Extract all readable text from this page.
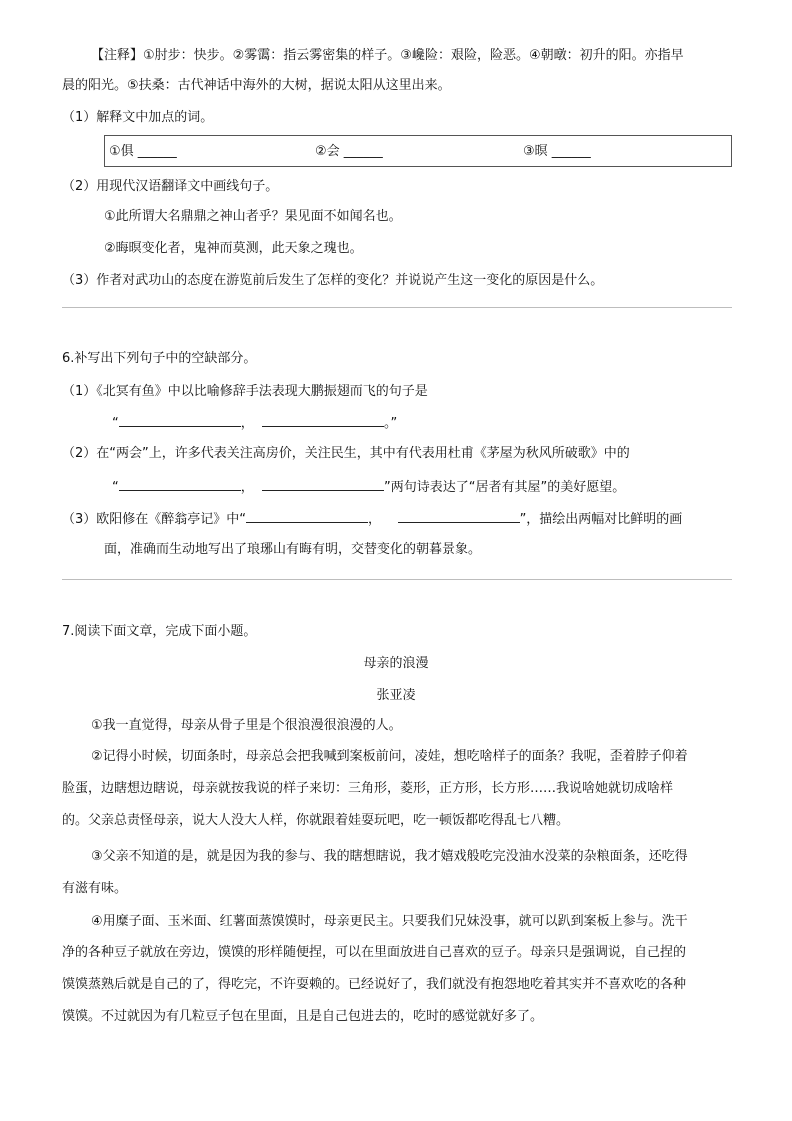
【注释】①肘步：快步。②雾霭：指云雾密集的样子。③巉险：艰险，险恶。④朝暾：初升的阳。亦指早
晨的阳光。⑤扶桑：古代神话中海外的大树，据说太阳从这里出来。
（1）解释文中加点的词。
①俱 ______	②会 ______	③暝 ______
（2）用现代汉语翻译文中画线句子。
①此所谓大名鼎鼎之神山者乎？果见面不如闻名也。
②晦暝变化者，鬼神而莫测，此天象之瑰也。
（3）作者对武功山的态度在游览前后发生了怎样的变化？并说说产生这一变化的原因是什么。
6.补写出下列句子中的空缺部分。
（1）《北冥有鱼》中以比喻修辞手法表现大鹏振翅而飞的句子是
“	，	。”
（2）在“两会”上，许多代表关注高房价，关注民生，其中有代表用杜甫《茅屋为秋风所破歌》中的
“	，	”两句诗表达了“居者有其屋”的美好愿望。
（3）欧阳修在《醉翁亭记》中“	，	”，描绘出两幅对比鲜明的画
面，准确而生动地写出了琅琊山有晦有明，交替变化的朝暮景象。
7.阅读下面文章，完成下面小题。
母亲的浪漫
张亚凌
①我一直觉得，母亲从骨子里是个很浪漫很浪漫的人。
②记得小时候，切面条时，母亲总会把我喊到案板前问，凌娃，想吃啥样子的面条？我呢，歪着脖子仰着
脸蛋，边瞎想边瞎说，母亲就按我说的样子来切：三角形，菱形，正方形，长方形……我说啥她就切成啥样
的。父亲总责怪母亲，说大人没大人样，你就跟着娃耍玩吧，吃一顿饭都吃得乱七八糟。
③父亲不知道的是，就是因为我的参与、我的瞎想瞎说，我才嬉戏般吃完没油水没菜的杂粮面条，还吃得
有滋有味。
④用糜子面、玉米面、红薯面蒸馍馍时，母亲更民主。只要我们兄妹没事，就可以趴到案板上参与。洗干
净的各种豆子就放在旁边，馍馍的形样随便捏，可以在里面放进自己喜欢的豆子。母亲只是强调说，自己捏的
馍馍蒸熟后就是自己的了，得吃完，不许耍赖的。已经说好了，我们就没有抱怨地吃着其实并不喜欢吃的各种
馍馍。不过就因为有几粒豆子包在里面，且是自己包进去的，吃时的感觉就好多了。
